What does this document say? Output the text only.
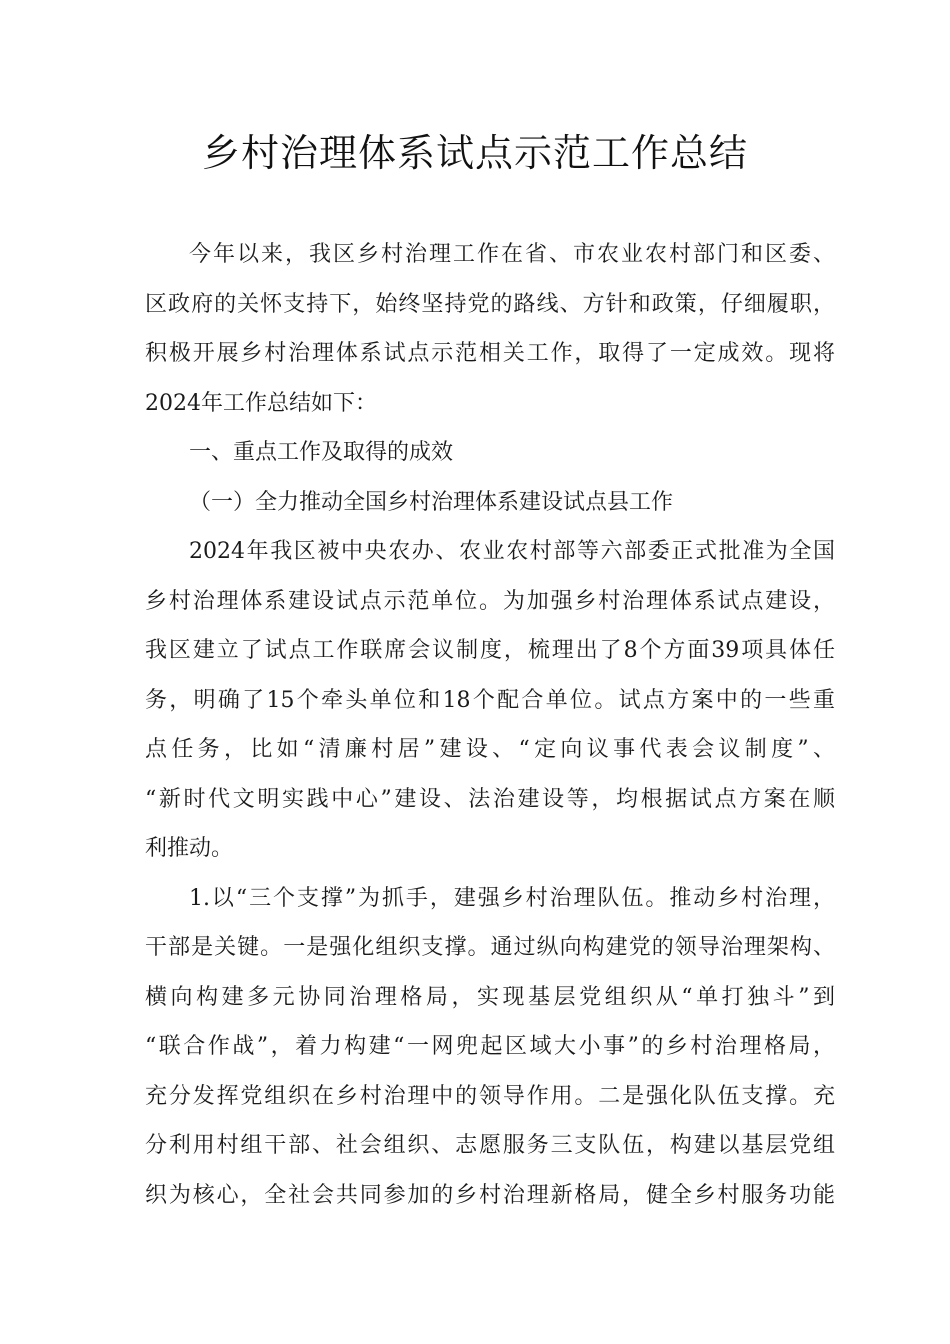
乡村治理体系试点示范工作总结
今年以来，我区乡村治理工作在省、市农业农村部门和区委、
区政府的关怀支持下，始终坚持党的路线、方针和政策，仔细履职，
积极开展乡村治理体系试点示范相关工作，取得了一定成效。现将
2024年工作总结如下：
一、重点工作及取得的成效
（一）全力推动全国乡村治理体系建设试点县工作
2024年我区被中央农办、农业农村部等六部委正式批准为全国
乡村治理体系建设试点示范单位。为加强乡村治理体系试点建设，
我区建立了试点工作联席会议制度，梳理出了8个方面39项具体任
务，明确了15个牵头单位和18个配合单位。试点方案中的一些重
点任务，比如“清廉村居”建设、“定向议事代表会议制度”、
“新时代文明实践中心”建设、法治建设等，均根据试点方案在顺
利推动。
1.以“三个支撑”为抓手，建强乡村治理队伍。推动乡村治理，
干部是关键。一是强化组织支撑。通过纵向构建党的领导治理架构、
横向构建多元协同治理格局，实现基层党组织从“单打独斗”到
“联合作战”，着力构建“一网兜起区域大小事”的乡村治理格局，
充分发挥党组织在乡村治理中的领导作用。二是强化队伍支撑。充
分利用村组干部、社会组织、志愿服务三支队伍，构建以基层党组
织为核心，全社会共同参加的乡村治理新格局，健全乡村服务功能
